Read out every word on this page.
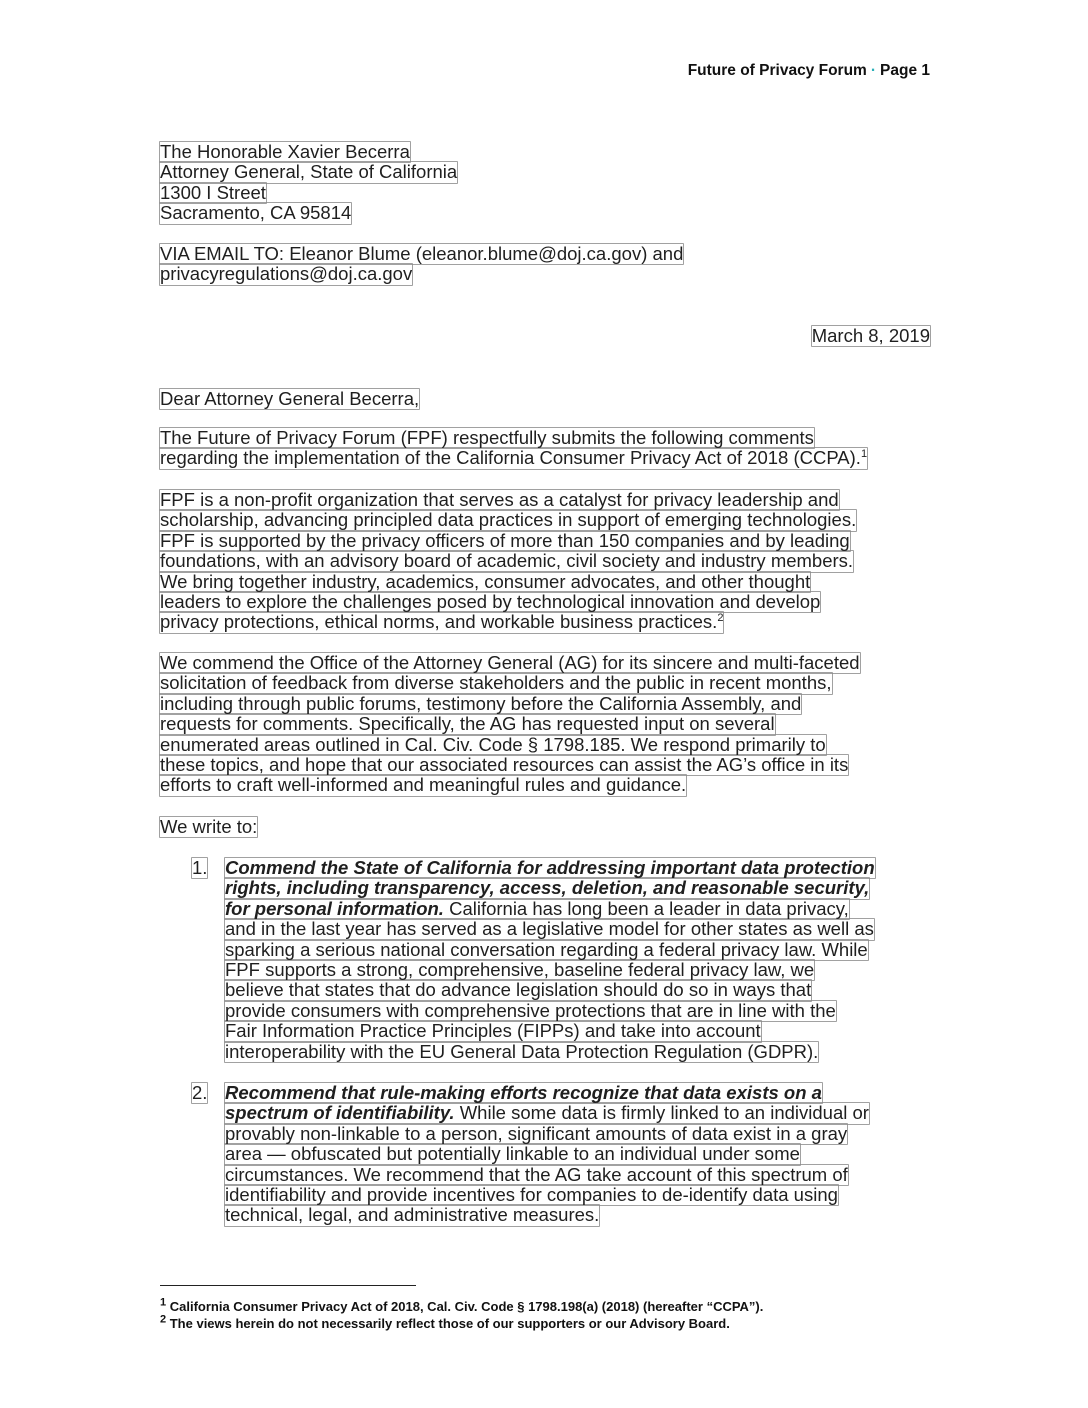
Future of Privacy Forum · Page 1
The Honorable Xavier Becerra
Attorney General, State of California
1300 I Street
Sacramento, CA 95814
VIA EMAIL TO: Eleanor Blume (eleanor.blume@doj.ca.gov) and
privacyregulations@doj.ca.gov
March 8, 2019
Dear Attorney General Becerra,
The Future of Privacy Forum (FPF) respectfully submits the following comments
regarding the implementation of the California Consumer Privacy Act of 2018 (CCPA).$^1$
FPF is a non-profit organization that serves as a catalyst for privacy leadership and
scholarship, advancing principled data practices in support of emerging technologies.
FPF is supported by the privacy officers of more than 150 companies and by leading
foundations, with an advisory board of academic, civil society and industry members.
We bring together industry, academics, consumer advocates, and other thought
leaders to explore the challenges posed by technological innovation and develop
privacy protections, ethical norms, and workable business practices.$^2$
We commend the Office of the Attorney General (AG) for its sincere and multi-faceted
solicitation of feedback from diverse stakeholders and the public in recent months,
including through public forums, testimony before the California Assembly, and
requests for comments. Specifically, the AG has requested input on several
enumerated areas outlined in Cal. Civ. Code § 1798.185. We respond primarily to
these topics, and hope that our associated resources can assist the AG’s office in its
efforts to craft well-informed and meaningful rules and guidance.
We write to:
1. Commend the State of California for addressing important data protection
rights, including transparency, access, deletion, and reasonable security,
for personal information. California has long been a leader in data privacy,
and in the last year has served as a legislative model for other states as well as
sparking a serious national conversation regarding a federal privacy law. While
FPF supports a strong, comprehensive, baseline federal privacy law, we
believe that states that do advance legislation should do so in ways that
provide consumers with comprehensive protections that are in line with the
Fair Information Practice Principles (FIPPs) and take into account
interoperability with the EU General Data Protection Regulation (GDPR).
2. Recommend that rule-making efforts recognize that data exists on a
spectrum of identifiability. While some data is firmly linked to an individual or
provably non-linkable to a person, significant amounts of data exist in a gray
area — obfuscated but potentially linkable to an individual under some
circumstances. We recommend that the AG take account of this spectrum of
identifiability and provide incentives for companies to de-identify data using
technical, legal, and administrative measures.
$^1$ California Consumer Privacy Act of 2018, Cal. Civ. Code § 1798.198(a) (2018) (hereafter “CCPA”).
$^2$ The views herein do not necessarily reflect those of our supporters or our Advisory Board.
